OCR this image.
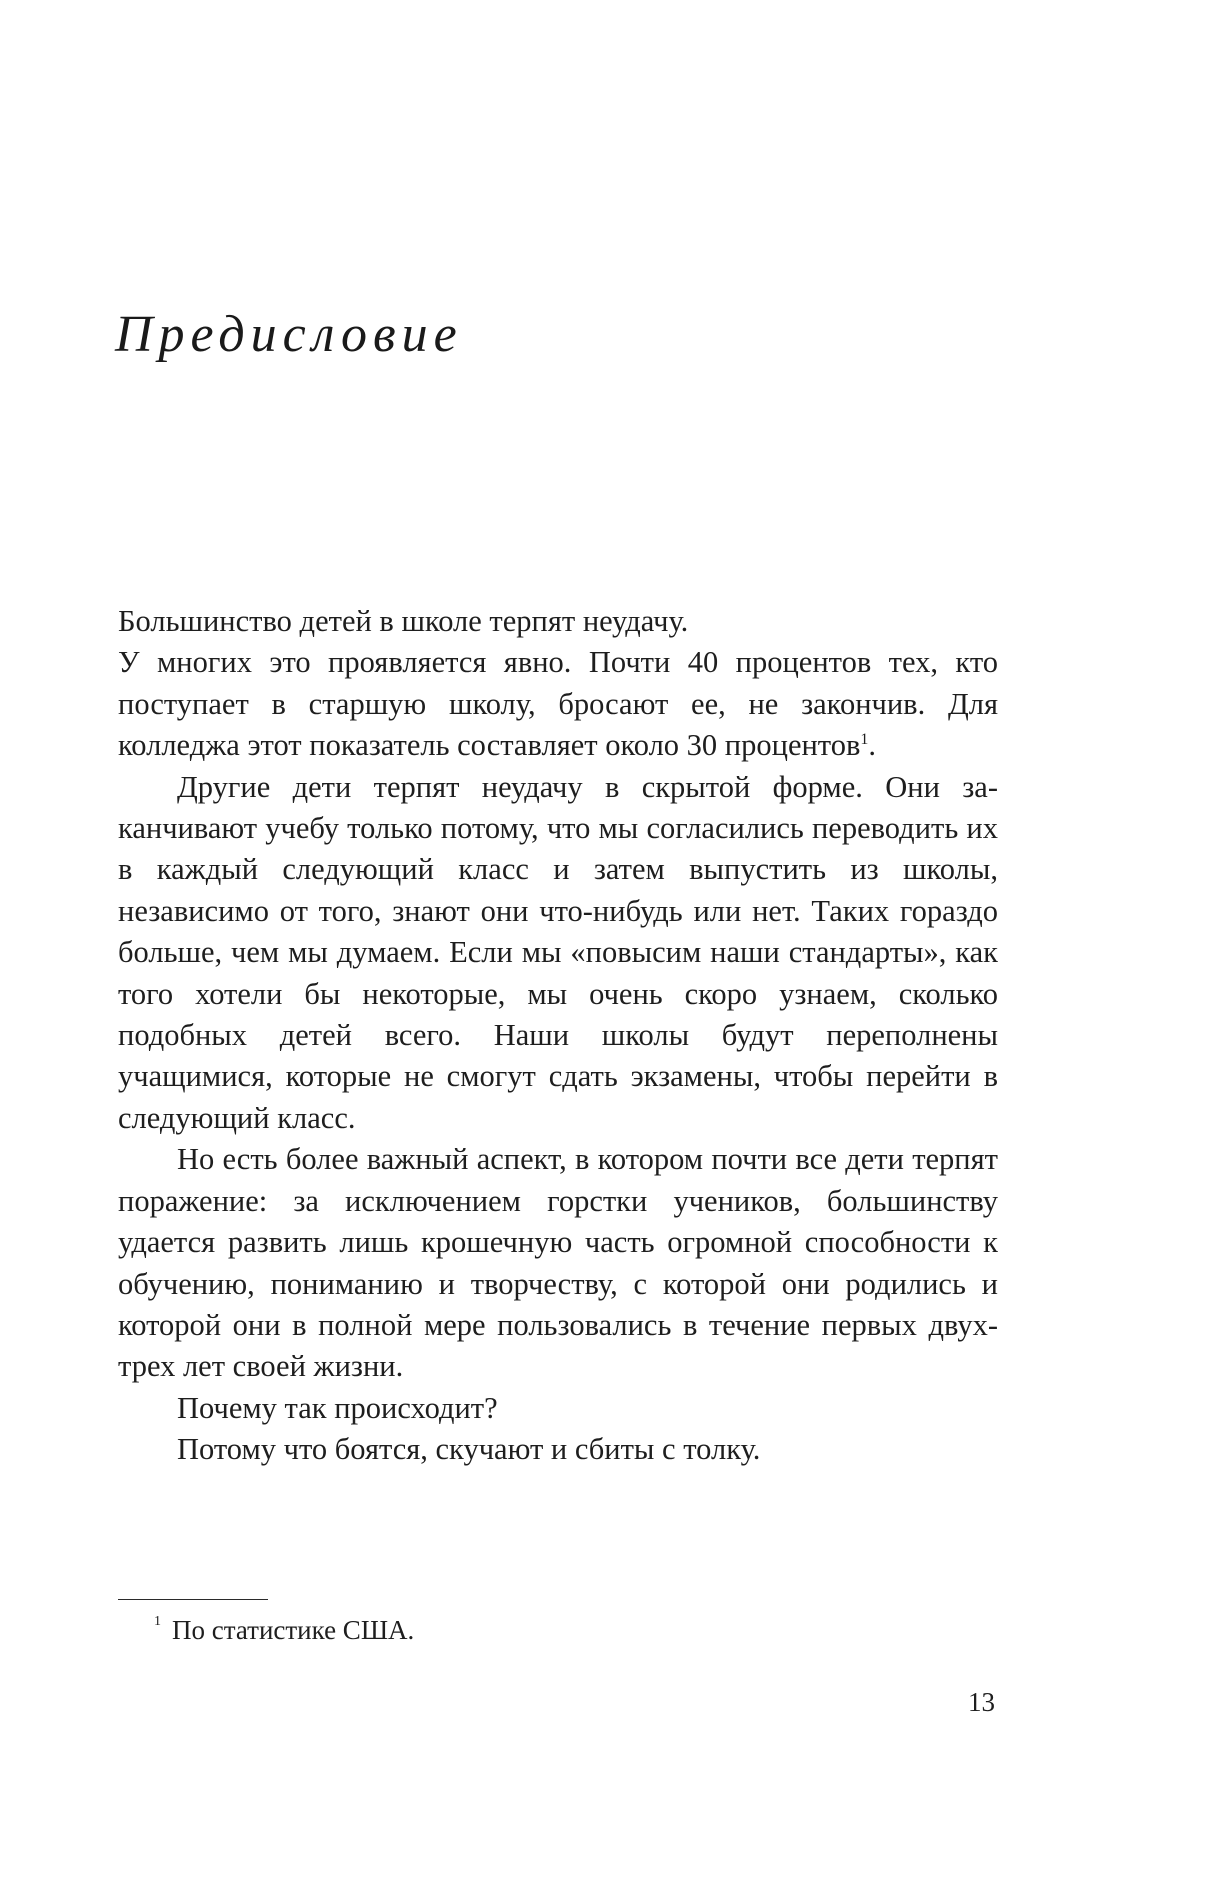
Предисловие

Большинство детей в школе терпят неудачу.

У многих это проявляется явно. Почти 40 процентов тех, кто поступает в старшую школу, бросают ее, не закончив. Для колледжа этот показатель составляет около 30 процентов$^1$.

Другие дети терпят неудачу в скрытой форме. Они заканчивают учебу только потому, что мы согласились переводить их в каждый следующий класс и затем выпустить из школы, независимо от того, знают они что-нибудь или нет. Таких гораздо больше, чем мы думаем. Если мы «повысим наши стандарты», как того хотели бы некоторые, мы очень скоро узнаем, сколько подобных детей всего. Наши школы будут переполнены учащимися, которые не смогут сдать экзамены, чтобы перейти в следующий класс.

Но есть более важный аспект, в котором почти все дети терпят поражение: за исключением горстки учеников, большинству удается развить лишь крошечную часть огромной способности к обучению, пониманию и творчеству, с которой они родились и которой они в полной мере пользовались в течение первых двух-трех лет своей жизни.

Почему так происходит?

Потому что боятся, скучают и сбиты с толку.

1 По статистике США.
13
